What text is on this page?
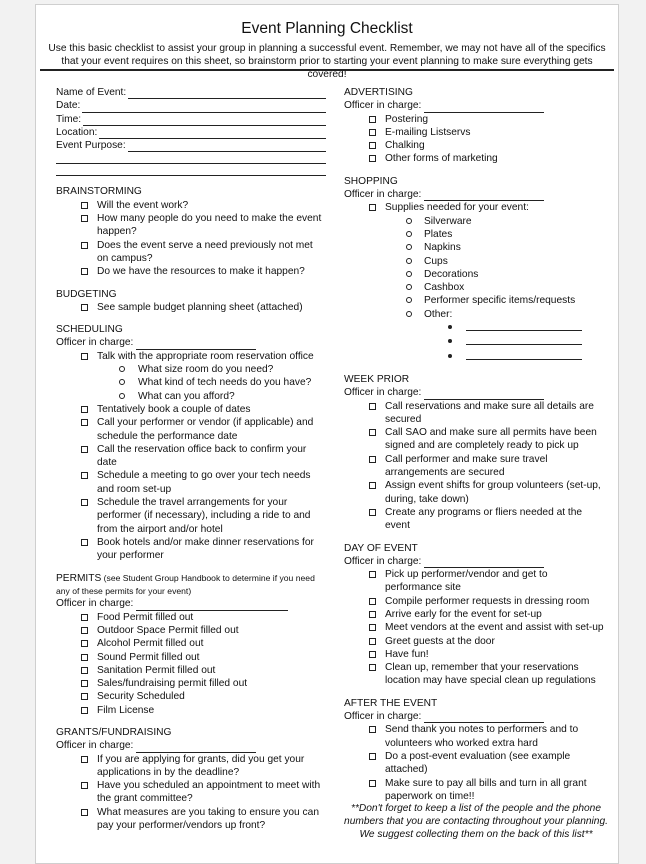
Event Planning Checklist
Use this basic checklist to assist your group in planning a successful event. Remember, we may not have all of the specifics that your event requires on this sheet, so brainstorm prior to starting your event planning to make sure everything gets covered!
Name of Event:
Date:
Time:
Location:
Event Purpose:
BRAINSTORMING
Will the event work?
How many people do you need to make the event happen?
Does the event serve a need previously not met on campus?
Do we have the resources to make it happen?
BUDGETING
See sample budget planning sheet (attached)
SCHEDULING
Officer in charge:
Talk with the appropriate room reservation office
What size room do you need?
What kind of tech needs do you have?
What can you afford?
Tentatively book a couple of dates
Call your performer or vendor (if applicable) and schedule the performance date
Call the reservation office back to confirm your date
Schedule a meeting to go over your tech needs and room set-up
Schedule the travel arrangements for your performer (if necessary), including a ride to and from the airport and/or hotel
Book hotels and/or make dinner reservations for your performer
PERMITS (see Student Group Handbook to determine if you need any of these permits for your event)
Officer in charge:
Food Permit filled out
Outdoor Space Permit filled out
Alcohol Permit filled out
Sound Permit filled out
Sanitation Permit filled out
Sales/fundraising permit filled out
Security Scheduled
Film License
GRANTS/FUNDRAISING
Officer in charge:
If you are applying for grants, did you get your applications in by the deadline?
Have you scheduled an appointment to meet with the grant committee?
What measures are you taking to ensure you can pay your performer/vendors up front?
ADVERTISING
Officer in charge:
Postering
E-mailing Listservs
Chalking
Other forms of marketing
SHOPPING
Officer in charge:
Supplies needed for your event:
Silverware
Plates
Napkins
Cups
Decorations
Cashbox
Performer specific items/requests
Other:
WEEK PRIOR
Officer in charge:
Call reservations and make sure all details are secured
Call SAO and make sure all permits have been signed and are completely ready to pick up
Call performer and make sure travel arrangements are secured
Assign event shifts for group volunteers (set-up, during, take down)
Create any programs or fliers needed at the event
DAY OF EVENT
Officer in charge:
Pick up performer/vendor and get to performance site
Compile performer requests in dressing room
Arrive early for the event for set-up
Meet vendors at the event and assist with set-up
Greet guests at the door
Have fun!
Clean up, remember that your reservations location may have special clean up regulations
AFTER THE EVENT
Officer in charge:
Send thank you notes to performers and to volunteers who worked extra hard
Do a post-event evaluation (see example attached)
Make sure to pay all bills and turn in all grant paperwork on time!!
**Don't forget to keep a list of the people and the phone numbers that you are contacting throughout your planning. We suggest collecting them on the back of this list**
